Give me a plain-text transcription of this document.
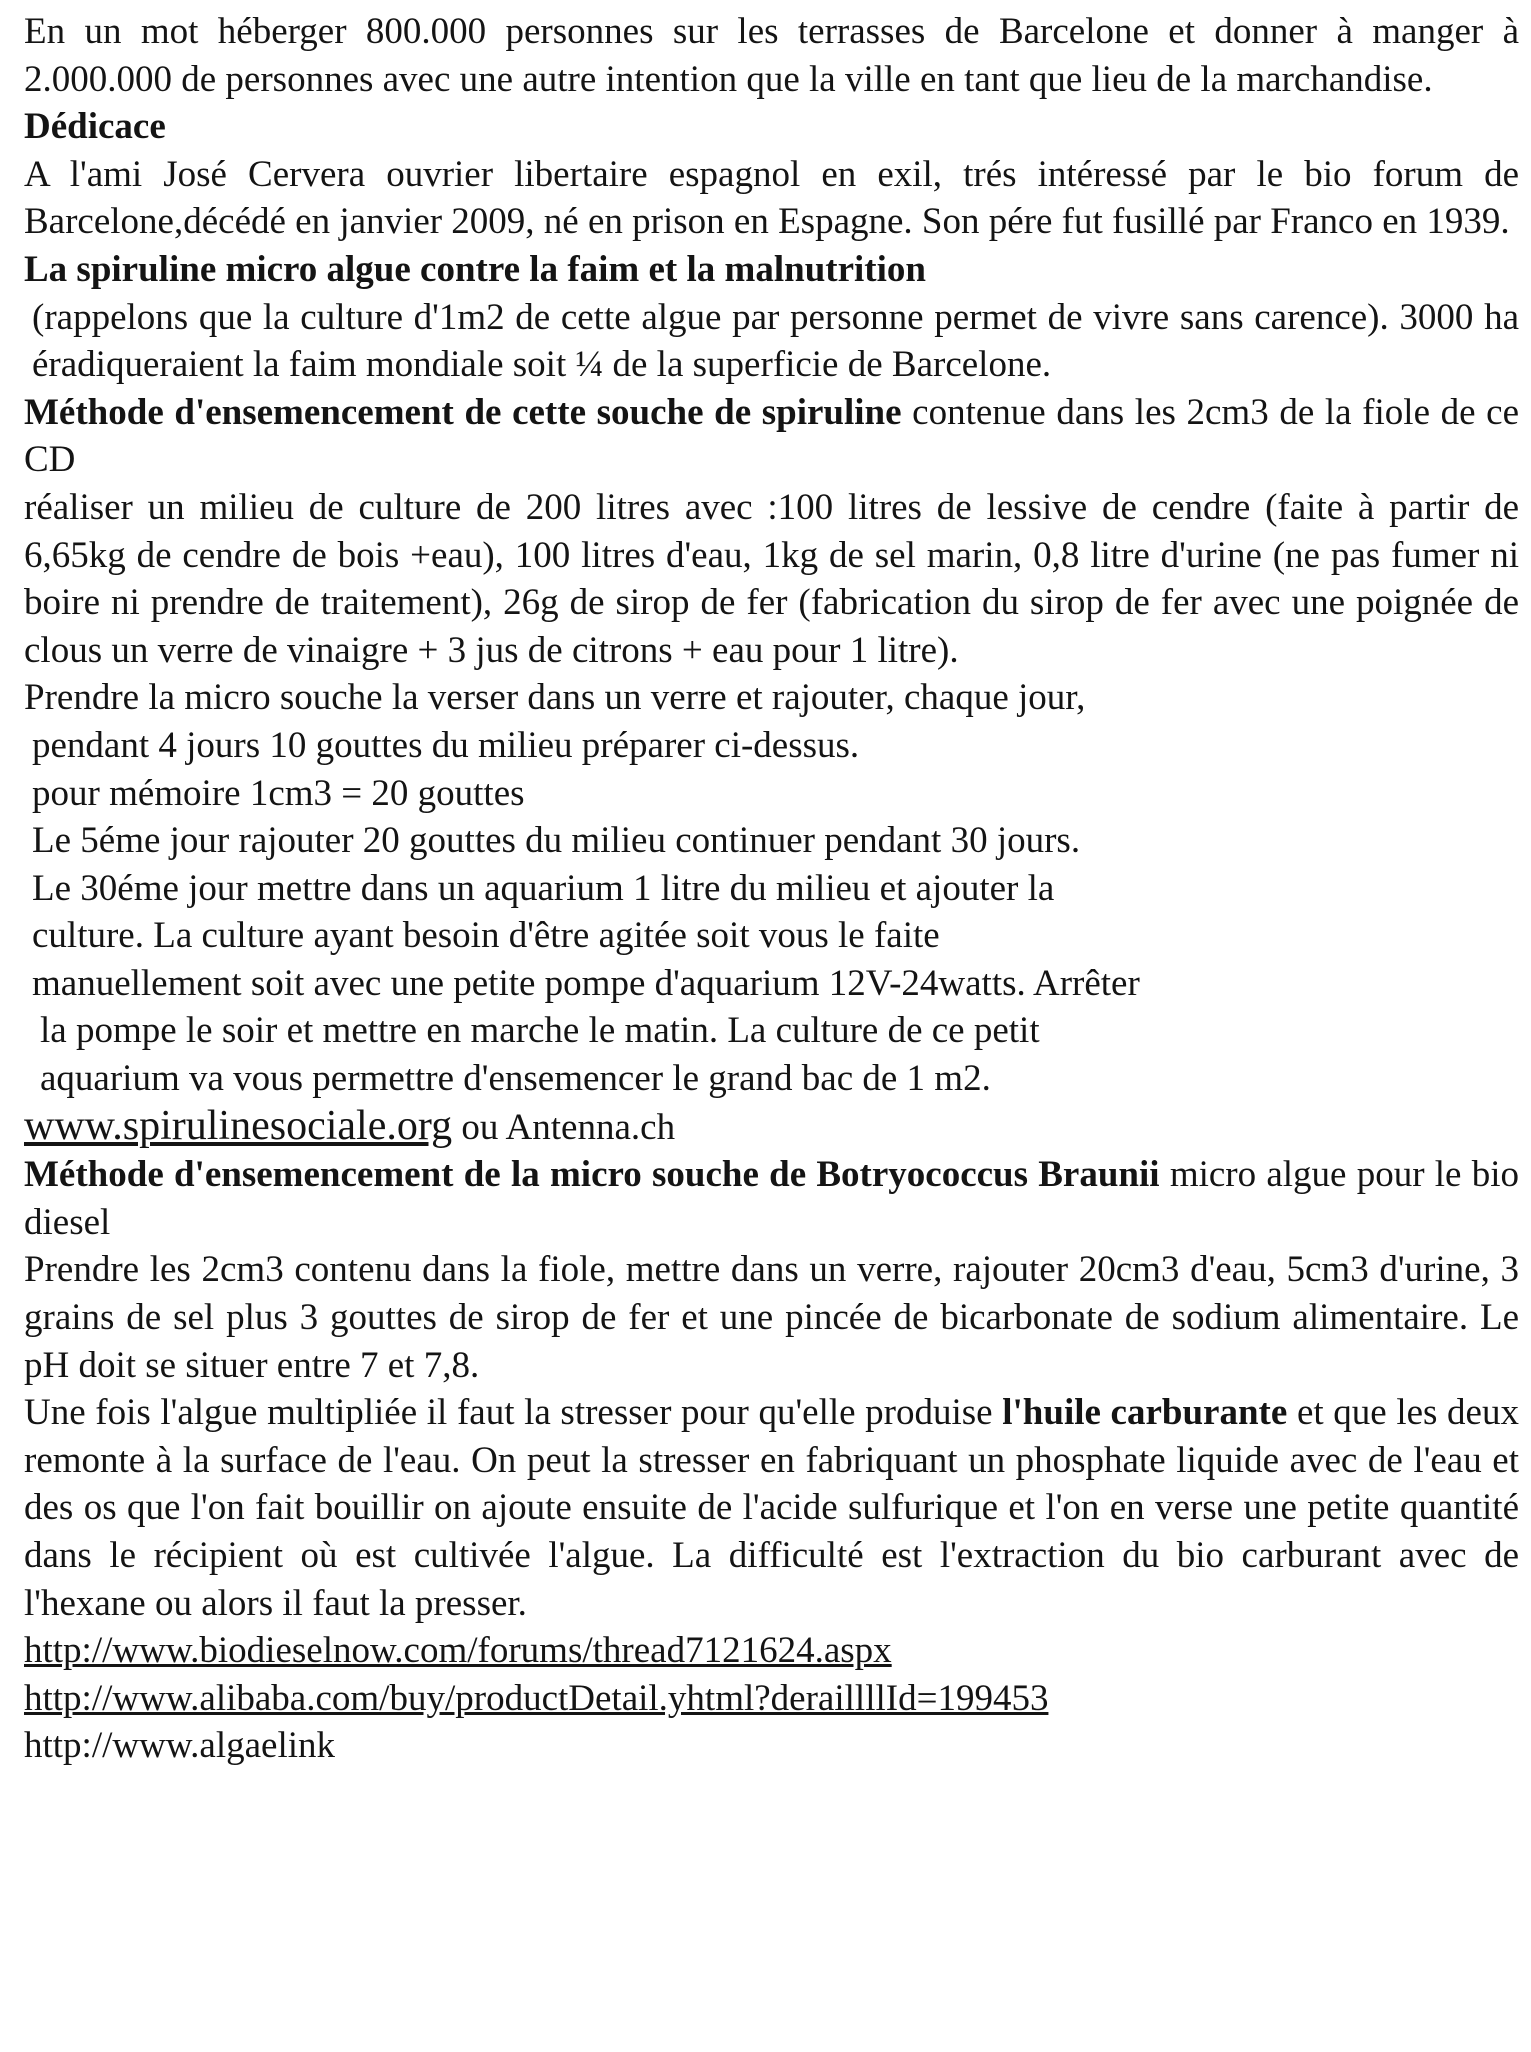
En un mot héberger 800.000 personnes sur les terrasses de Barcelone et donner à manger à 2.000.000 de personnes avec une autre intention que la ville en tant que lieu de la marchandise.

Dédicace

A l'ami José Cervera ouvrier libertaire espagnol en exil, trés intéressé par le bio forum de Barcelone,décédé en janvier 2009, né en prison en Espagne. Son pére fut fusillé par Franco en 1939.

La spiruline micro algue contre la faim et la malnutrition

(rappelons que la culture d'1m2 de cette algue par personne permet de vivre sans carence). 3000 ha éradiqueraient la faim mondiale soit ¼ de la superficie de Barcelone.

Méthode d'ensemencement de cette souche de spiruline contenue dans les 2cm3 de la fiole de ce CD

réaliser un milieu de culture de 200 litres avec :100 litres de lessive de cendre (faite à partir de 6,65kg de cendre de bois +eau), 100 litres d'eau, 1kg de sel marin, 0,8 litre d'urine (ne pas fumer ni boire ni prendre de traitement), 26g de sirop de fer (fabrication du sirop de fer avec une poignée de clous un verre de vinaigre + 3 jus de citrons + eau pour 1 litre).

Prendre la micro souche la verser dans un verre et rajouter, chaque jour,

pendant 4 jours 10 gouttes du milieu préparer ci-dessus.

pour mémoire 1cm3 = 20 gouttes

Le 5éme jour rajouter 20 gouttes du milieu continuer pendant 30 jours.

Le 30éme jour mettre dans un aquarium 1 litre du milieu et ajouter la

culture. La culture ayant besoin d'être agitée soit vous le faite

manuellement soit avec une petite pompe d'aquarium 12V-24watts. Arrêter

la pompe le soir et mettre en marche le matin. La culture de ce petit

aquarium va vous permettre d'ensemencer le grand bac de 1 m2.

www.spirulinesociale.org ou Antenna.ch

Méthode d'ensemencement de la micro souche de Botryococcus Braunii micro algue pour le bio diesel

Prendre les 2cm3 contenu dans la fiole, mettre dans un verre, rajouter 20cm3 d'eau, 5cm3 d'urine, 3 grains de sel plus 3 gouttes de sirop de fer et une pincée de bicarbonate de sodium alimentaire. Le pH doit se situer entre 7 et 7,8.

Une fois l'algue multipliée il faut la stresser pour qu'elle produise l'huile carburante et que les deux remonte à la surface de l'eau. On peut la stresser en fabriquant un phosphate liquide avec de l'eau et des os que l'on fait bouillir on ajoute ensuite de l'acide sulfurique et l'on en verse une petite quantité dans le récipient où est cultivée l'algue. La difficulté est l'extraction du bio carburant avec de l'hexane ou alors il faut la presser.

http://www.biodieselnow.com/forums/thread7121624.aspx

http://www.alibaba.com/buy/productDetail.yhtml?deraillllId=199453

http://www.algaelink
